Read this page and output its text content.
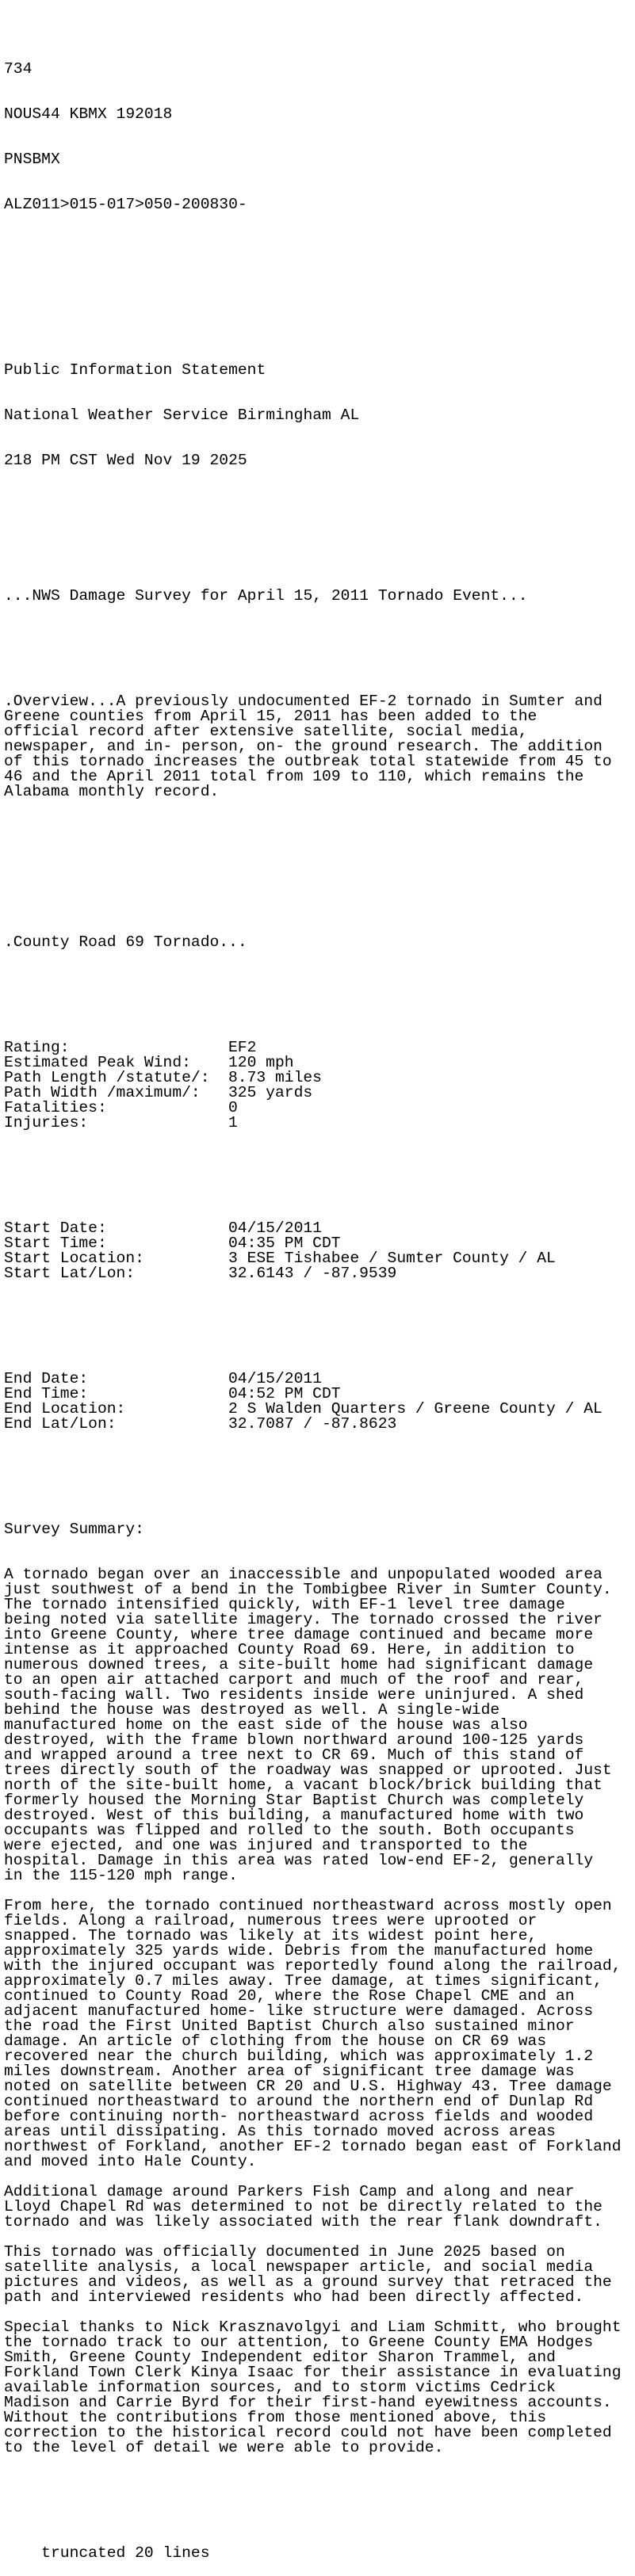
734

NOUS44 KBMX 192018

PNSBMX

ALZ011>015-017>050-200830-

Public Information Statement

National Weather Service Birmingham AL

218 PM CST Wed Nov 19 2025

...NWS Damage Survey for April 15, 2011 Tornado Event...

.Overview...A previously undocumented EF-2 tornado in Sumter and
Greene counties from April 15, 2011 has been added to the
official record after extensive satellite, social media,
newspaper, and in- person, on- the ground research. The addition
of this tornado increases the outbreak total statewide from 45 to
46 and the April 2011 total from 109 to 110, which remains the
Alabama monthly record.

.County Road 69 Tornado...

Rating:	EF2
Estimated Peak Wind:	120 mph
Path Length /statute/:	8.73 miles
Path Width /maximum/:	325 yards
Fatalities:	0
Injuries:	1

Start Date:	04/15/2011
Start Time:	04:35 PM CDT
Start Location:	3 ESE Tishabee / Sumter County / AL
Start Lat/Lon:	32.6143 / -87.9539

End Date:	04/15/2011
End Time:	04:52 PM CDT
End Location:	2 S Walden Quarters / Greene County / AL
End Lat/Lon:	32.7087 / -87.8623

Survey Summary:

A tornado began over an inaccessible and unpopulated wooded area
just southwest of a bend in the Tombigbee River in Sumter County.
The tornado intensified quickly, with EF-1 level tree damage
being noted via satellite imagery. The tornado crossed the river
into Greene County, where tree damage continued and became more
intense as it approached County Road 69. Here, in addition to
numerous downed trees, a site-built home had significant damage
to an open air attached carport and much of the roof and rear,
south-facing wall. Two residents inside were uninjured. A shed
behind the house was destroyed as well. A single-wide
manufactured home on the east side of the house was also
destroyed, with the frame blown northward around 100-125 yards
and wrapped around a tree next to CR 69. Much of this stand of
trees directly south of the roadway was snapped or uprooted. Just
north of the site-built home, a vacant block/brick building that
formerly housed the Morning Star Baptist Church was completely
destroyed. West of this building, a manufactured home with two
occupants was flipped and rolled to the south. Both occupants
were ejected, and one was injured and transported to the
hospital. Damage in this area was rated low-end EF-2, generally
in the 115-120 mph range.
From here, the tornado continued northeastward across mostly open
fields. Along a railroad, numerous trees were uprooted or
snapped. The tornado was likely at its widest point here,
approximately 325 yards wide. Debris from the manufactured home
with the injured occupant was reportedly found along the railroad,
approximately 0.7 miles away. Tree damage, at times significant,
continued to County Road 20, where the Rose Chapel CME and an
adjacent manufactured home- like structure were damaged. Across
the road the First United Baptist Church also sustained minor
damage. An article of clothing from the house on CR 69 was
recovered near the church building, which was approximately 1.2
miles downstream. Another area of significant tree damage was
noted on satellite between CR 20 and U.S. Highway 43. Tree damage
continued northeastward to around the northern end of Dunlap Rd
before continuing north- northeastward across fields and wooded
areas until dissipating. As this tornado moved across areas
northwest of Forkland, another EF-2 tornado began east of Forkland
and moved into Hale County.
Additional damage around Parkers Fish Camp and along and near
Lloyd Chapel Rd was determined to not be directly related to the
tornado and was likely associated with the rear flank downdraft.
This tornado was officially documented in June 2025 based on
satellite analysis, a local newspaper article, and social media
pictures and videos, as well as a ground survey that retraced the
path and interviewed residents who had been directly affected.
Special thanks to Nick Krasznavolgyi and Liam Schmitt, who brought
the tornado track to our attention, to Greene County EMA Hodges
Smith, Greene County Independent editor Sharon Trammel, and
Forkland Town Clerk Kinya Isaac for their assistance in evaluating
available information sources, and to storm victims Cedrick
Madison and Carrie Byrd for their first-hand eyewitness accounts.
Without the contributions from those mentioned above, this
correction to the historical record could not have been completed
to the level of detail we were able to provide.

truncated 20 lines
